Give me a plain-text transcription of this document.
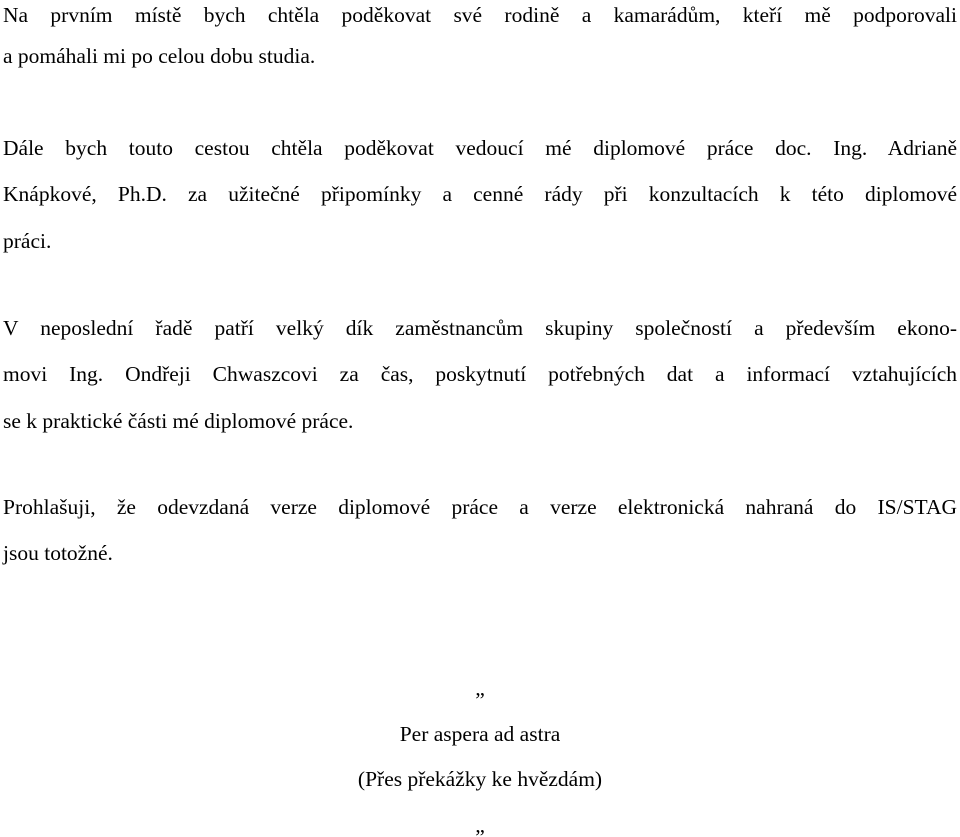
Na prvním místě bych chtěla poděkovat své rodině a kamarádům, kteří mě podporovali
a pomáhali mi po celou dobu studia.
Dále bych touto cestou chtěla poděkovat vedoucí mé diplomové práce doc. Ing. Adrianě
Knápkové, Ph.D. za užitečné připomínky a cenné rády při konzultacích k této diplomové
práci.
V neposlední řadě patří velký dík zaměstnancům skupiny společností a především ekono-
movi Ing. Ondřeji Chwaszcovi za čas, poskytnutí potřebných dat a informací vztahujících
se k praktické části mé diplomové práce.
Prohlašuji, že odevzdaná verze diplomové práce a verze elektronická nahraná do IS/STAG
jsou totožné.
„
Per aspera ad astra
(Přes překážky ke hvězdám)
„
